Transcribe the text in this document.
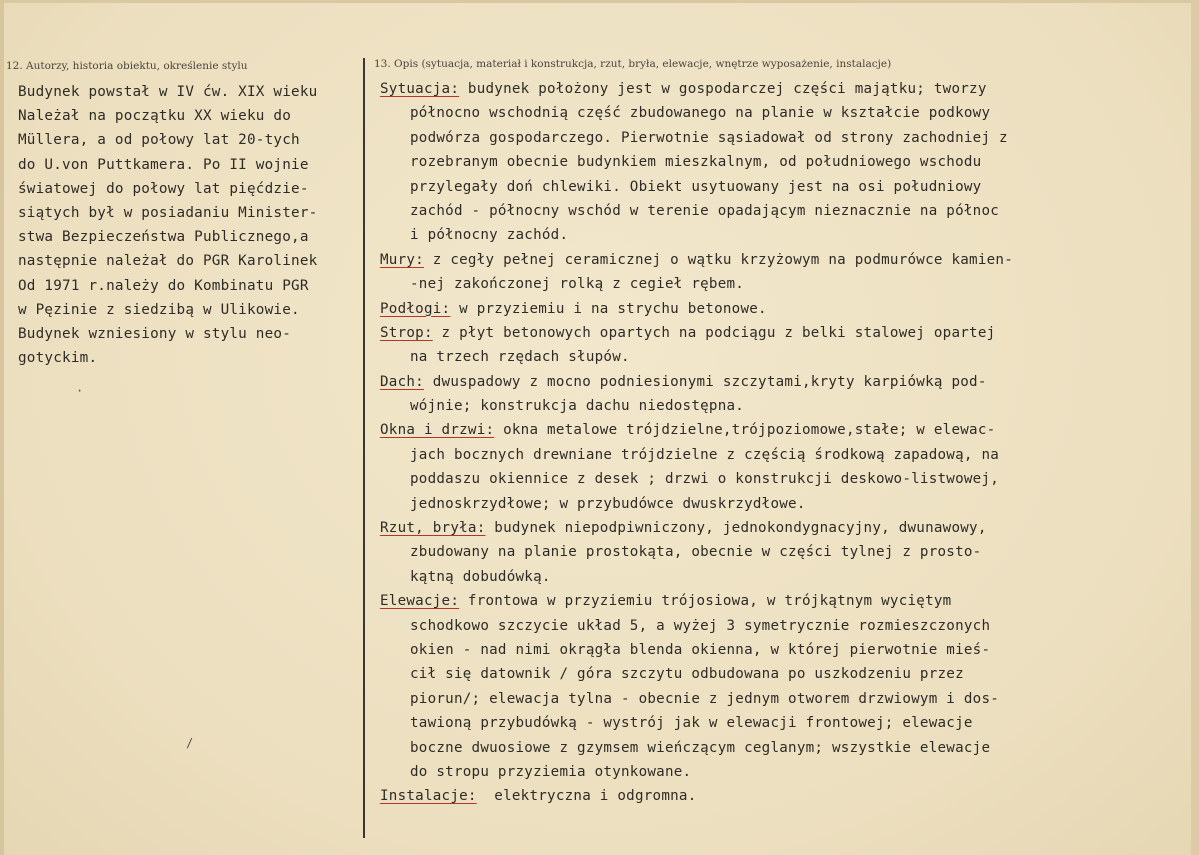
12. Autorzy, historia obiektu, określenie stylu	13. Opis (sytuacja, materiał i konstrukcja, rzut, bryła, elewacje, wnętrze wyposażenie, instalacje)
Budynek powstał w IV ćw. XIX wieku
Należał na początku XX wieku do
Müllera, a od połowy lat 20-tych
do U.von Puttkamera. Po II wojnie
światowej do połowy lat pięćdzie-
siątych był w posiadaniu Minister-
stwa Bezpieczeństwa Publicznego,a
następnie należał do PGR Karolinek
Od 1971 r.należy do Kombinatu PGR
w Pęzinie z siedzibą w Ulikowie.
Budynek wzniesiony w stylu neo-
gotyckim.
Sytuacja: budynek położony jest w gospodarczej części majątku; tworzy
północno wschodnią część zbudowanego na planie w kształcie podkowy
podwórza gospodarczego. Pierwotnie sąsiadował od strony zachodniej z
rozebranym obecnie budynkiem mieszkalnym, od południowego wschodu
przylegały doń chlewiki. Obiekt usytuowany jest na osi południowy
zachód - północny wschód w terenie opadającym nieznacznie na północ
i północny zachód.
Mury: z cegły pełnej ceramicznej o wątku krzyżowym na podmurówce kamien-
-nej zakończonej rolką z cegieł rębem.
Podłogi: w przyziemiu i na strychu betonowe.
Strop: z płyt betonowych opartych na podciągu z belki stalowej opartej
na trzech rzędach słupów.
Dach: dwuspadowy z mocno podniesionymi szczytami,kryty karpiówką pod-
wójnie; konstrukcja dachu niedostępna.
Okna i drzwi: okna metalowe trójdzielne,trójpoziomowe,stałe; w elewac-
jach bocznych drewniane trójdzielne z częścią środkową zapadową, na
poddaszu okiennice z desek ; drzwi o konstrukcji deskowo-listwowej,
jednoskrzydłowe; w przybudówce dwuskrzydłowe.
Rzut, bryła: budynek niepodpiwniczony, jednokondygnacyjny, dwunawowy,
zbudowany na planie prostokąta, obecnie w części tylnej z prosto-
kątną dobudówką.
Elewacje: frontowa w przyziemiu trójosiowa, w trójkątnym wyciętym
schodkowo szczycie układ 5, a wyżej 3 symetrycznie rozmieszczonych
okien - nad nimi okrągła blenda okienna, w której pierwotnie mieś-
cił się datownik / góra szczytu odbudowana po uszkodzeniu przez
piorun/; elewacja tylna - obecnie z jednym otworem drzwiowym i dos-
tawioną przybudówką - wystrój jak w elewacji frontowej; elewacje
boczne dwuosiowe z gzymsem wieńczącym ceglanym; wszystkie elewacje
do stropu przyziemia otynkowane.
Instalacje:  elektryczna i odgromna.
·
/
